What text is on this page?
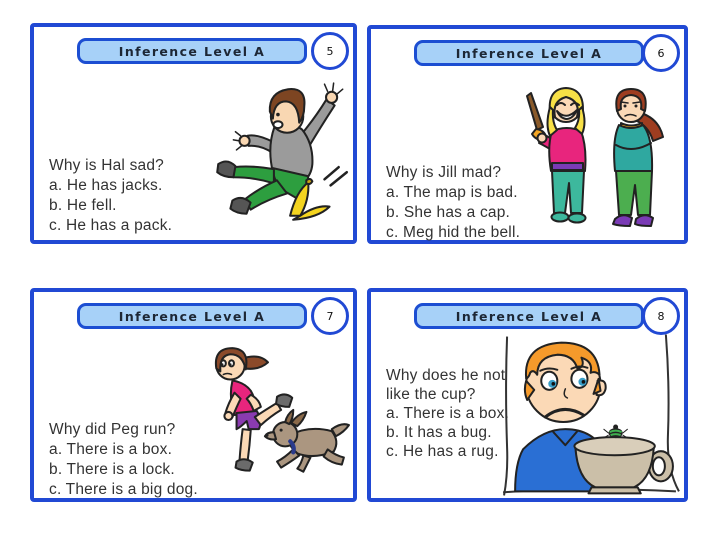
Inference Level A	5
Why is Hal sad?
a. He has jacks.
b. He fell.
c. He has a pack.
Inference Level A	6
Why is Jill mad?
a. The map is bad.
b. She has a cap.
c. Meg hid the bell.
Inference Level A	7
Why did Peg run?
a. There is a box.
b. There is a lock.
c. There is a big dog.
Inference Level A	8
Why does he not like the cup?
a. There is a box.
b. It has a bug.
c. He has a rug.
